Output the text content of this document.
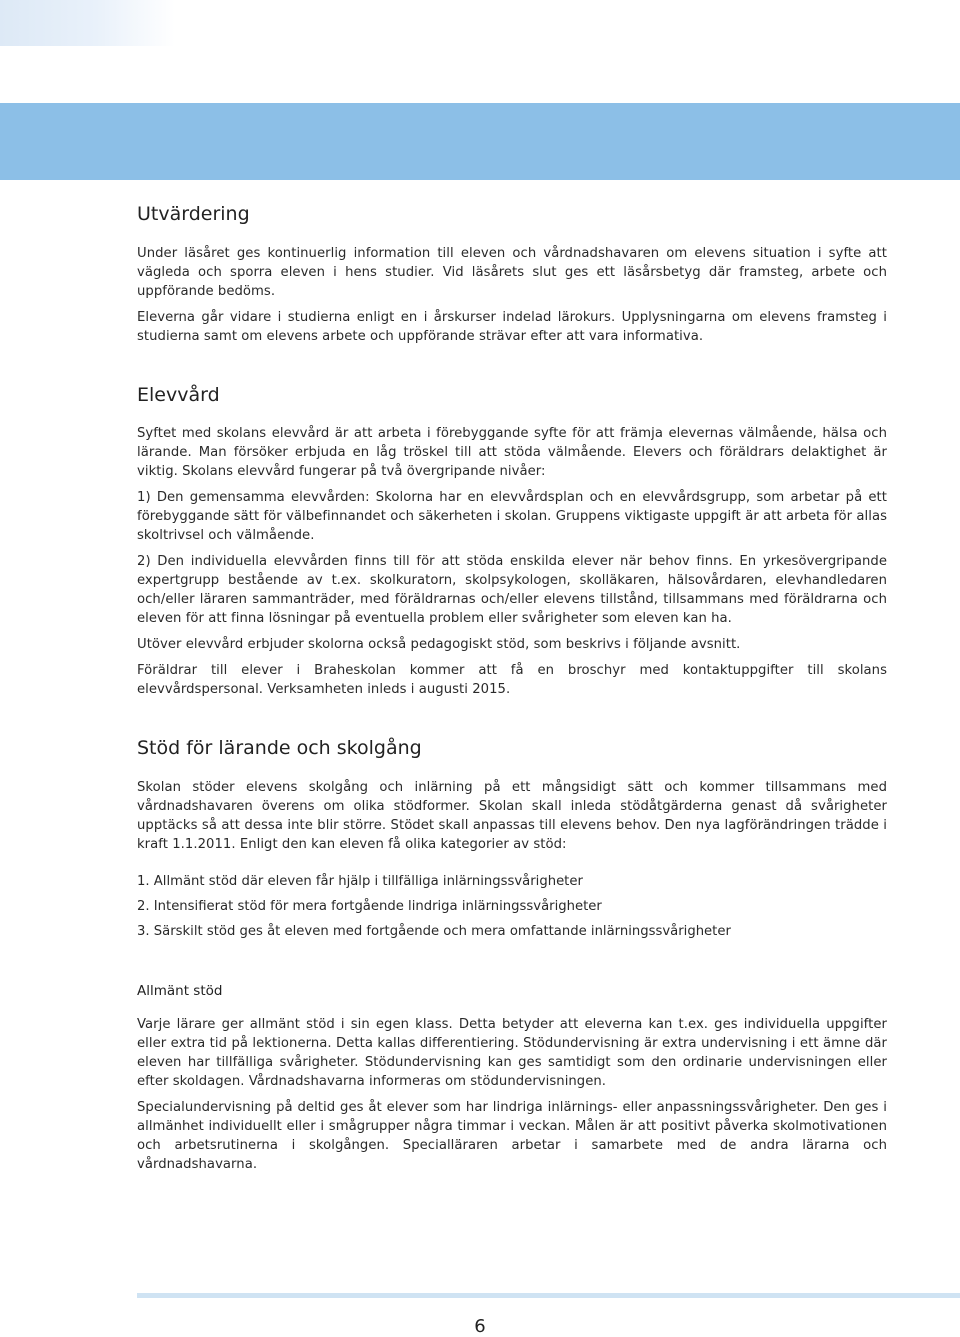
Utvärdering

Under läsåret ges kontinuerlig information till eleven och vårdnadshavaren om elevens situation i syfte att vägleda och sporra eleven i hens studier. Vid läsårets slut ges ett läsårsbetyg där framsteg, arbete och uppförande bedöms.

Eleverna går vidare i studierna enligt en i årskurser indelad lärokurs. Upplysningarna om elevens framsteg i studierna samt om elevens arbete och uppförande strävar efter att vara informativa.

Elevvård

Syftet med skolans elevvård är att arbeta i förebyggande syfte för att främja elevernas välmående, hälsa och lärande. Man försöker erbjuda en låg tröskel till att stöda välmående. Elevers och föräldrars delaktighet är viktig. Skolans elevvård fungerar på två övergripande nivåer:

1) Den gemensamma elevvården: Skolorna har en elevvårdsplan och en elevvårdsgrupp, som arbetar på ett förebyggande sätt för välbefinnandet och säkerheten i skolan. Gruppens viktigaste uppgift är att arbeta för allas skoltrivsel och välmående.

2) Den individuella elevvården finns till för att stöda enskilda elever när behov finns. En yrkesövergripande expertgrupp bestående av t.ex. skolkuratorn, skolpsykologen, skolläkaren, hälsovårdaren, elevhandledaren och/eller läraren sammanträder, med föräldrarnas och/eller elevens tillstånd, tillsammans med föräldrarna och eleven för att finna lösningar på eventuella problem eller svårigheter som eleven kan ha.

Utöver elevvård erbjuder skolorna också pedagogiskt stöd, som beskrivs i följande avsnitt.

Föräldrar till elever i Braheskolan kommer att få en broschyr med kontaktuppgifter till skolans elevvårdspersonal. Verksamheten inleds i augusti 2015.

Stöd för lärande och skolgång

Skolan stöder elevens skolgång och inlärning på ett mångsidigt sätt och kommer tillsammans med vårdnadshavaren överens om olika stödformer. Skolan skall inleda stödåtgärderna genast då svårigheter upptäcks så att dessa inte blir större. Stödet skall anpassas till elevens behov. Den nya lagförändringen trädde i kraft 1.1.2011. Enligt den kan eleven få olika kategorier av stöd:

1. Allmänt stöd där eleven får hjälp i tillfälliga inlärningssvårigheter
2. Intensifierat stöd för mera fortgående lindriga inlärningssvårigheter
3. Särskilt stöd ges åt eleven med fortgående och mera omfattande inlärningssvårigheter
Allmänt stöd

Varje lärare ger allmänt stöd i sin egen klass. Detta betyder att eleverna kan t.ex. ges individuella uppgifter eller extra tid på lektionerna. Detta kallas differentiering. Stödundervisning är extra undervisning i ett ämne där eleven har tillfälliga svårigheter. Stödundervisning kan ges samtidigt som den ordinarie undervisningen eller efter skoldagen. Vårdnadshavarna informeras om stödundervisningen.

Specialundervisning på deltid ges åt elever som har lindriga inlärnings- eller anpassningssvårigheter. Den ges i allmänhet individuellt eller i smågrupper några timmar i veckan. Målen är att positivt påverka skolmotivationen och arbetsrutinerna i skolgången. Specialläraren arbetar i samarbete med de andra lärarna och vårdnadshavarna.

6
